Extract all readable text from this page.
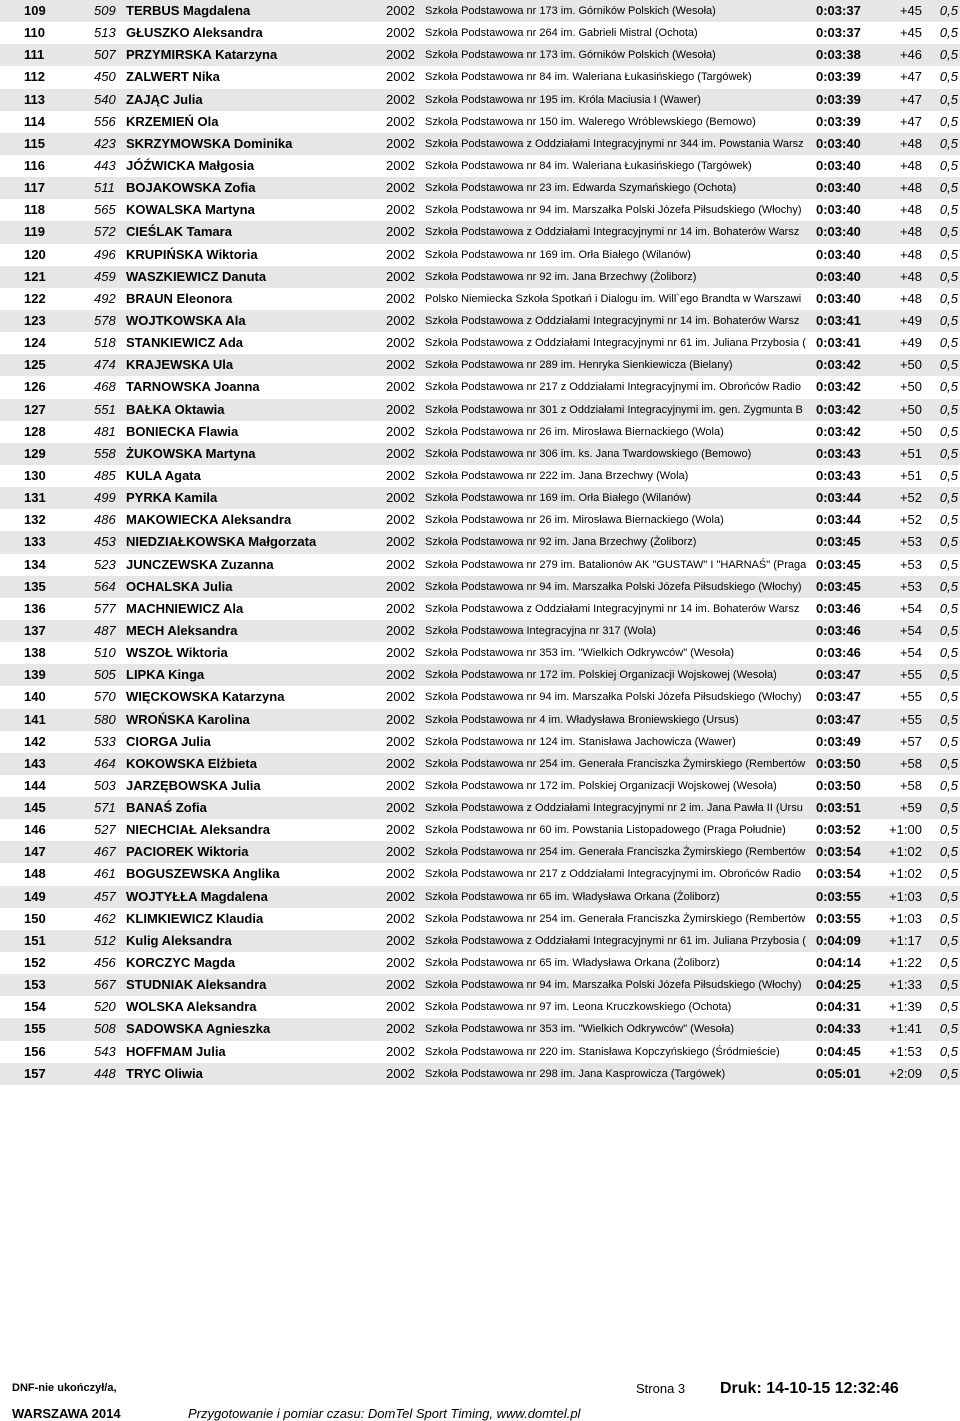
109	509 TERBUS Magdalena	2002 Szkoła Podstawowa nr 173 im. Górników Polskich (Wesoła)	0:03:37	+45	0,5
110	513 GŁUSZKO Aleksandra	2002 Szkoła Podstawowa nr 264 im. Gabrieli Mistral (Ochota)	0:03:37	+45	0,5
111	507 PRZYMIRSKA Katarzyna	2002 Szkoła Podstawowa nr 173 im. Górników Polskich (Wesoła)	0:03:38	+46	0,5
112	450 ZALWERT Nika	2002 Szkoła Podstawowa nr 84 im. Waleriana Łukasińskiego (Targówek)	0:03:39	+47	0,5
113	540 ZAJĄC Julia	2002 Szkoła Podstawowa nr 195 im. Króla Maciusia I (Wawer)	0:03:39	+47	0,5
114	556 KRZEMIEŃ Ola	2002 Szkoła Podstawowa nr 150 im. Walerego Wróblewskiego (Bemowo)	0:03:39	+47	0,5
115	423 SKRZYMOWSKA Dominika	2002 Szkoła Podstawowa z Oddziałami Integracyjnymi nr 344 im. Powstania Warsz 0:03:40	+48	0,5
116	443 JÓŹWICKA Małgosia	2002 Szkoła Podstawowa nr 84 im. Waleriana Łukasińskiego (Targówek)	0:03:40	+48	0,5
117	511 BOJAKOWSKA Zofia	2002 Szkoła Podstawowa nr 23 im. Edwarda Szymańskiego (Ochota)	0:03:40	+48	0,5
118	565 KOWALSKA Martyna	2002 Szkoła Podstawowa nr 94 im. Marszałka Polski Józefa Piłsudskiego (Włochy)	0:03:40	+48	0,5
119	572 CIEŚLAK Tamara	2002 Szkoła Podstawowa z Oddziałami Integracyjnymi nr 14 im. Bohaterów Warsz	0:03:40	+48	0,5
120	496 KRUPIŃSKA Wiktoria	2002 Szkoła Podstawowa nr 169 im. Orła Białego (Wilanów)	0:03:40	+48	0,5
121	459 WASZKIEWICZ Danuta	2002 Szkoła Podstawowa nr 92 im. Jana Brzechwy (Żoliborz)	0:03:40	+48	0,5
122	492 BRAUN Eleonora	2002 Polsko Niemiecka Szkoła Spotkań i Dialogu im. Will`ego Brandta w Warszawi	0:03:40	+48	0,5
123	578 WOJTKOWSKA Ala	2002 Szkoła Podstawowa z Oddziałami Integracyjnymi nr 14 im. Bohaterów Warsz	0:03:41	+49	0,5
124	518 STANKIEWICZ Ada	2002 Szkoła Podstawowa z Oddziałami Integracyjnymi nr 61 im. Juliana Przybosia ( 0:03:41	+49	0,5
125	474 KRAJEWSKA Ula	2002 Szkoła Podstawowa nr 289 im. Henryka Sienkiewicza (Bielany)	0:03:42	+50	0,5
126	468 TARNOWSKA Joanna	2002 Szkoła Podstawowa nr 217 z Oddziałami Integracyjnymi im. Obrońców Radio	0:03:42	+50	0,5
127	551 BAŁKA Oktawia	2002 Szkoła Podstawowa nr 301 z Oddziałami Integracyjnymi im. gen. Zygmunta B	0:03:42	+50	0,5
128	481 BONIECKA Flawia	2002 Szkoła Podstawowa nr 26 im. Mirosława Biernackiego (Wola)	0:03:42	+50	0,5
129	558 ŻUKOWSKA Martyna	2002 Szkoła Podstawowa nr 306 im. ks. Jana Twardowskiego (Bemowo)	0:03:43	+51	0,5
130	485 KULA Agata	2002 Szkoła Podstawowa nr 222 im. Jana Brzechwy (Wola)	0:03:43	+51	0,5
131	499 PYRKA Kamila	2002 Szkoła Podstawowa nr 169 im. Orła Białego (Wilanów)	0:03:44	+52	0,5
132	486 MAKOWIECKA Aleksandra	2002 Szkoła Podstawowa nr 26 im. Mirosława Biernackiego (Wola)	0:03:44	+52	0,5
133	453 NIEDZIAŁKOWSKA Małgorzata	2002 Szkoła Podstawowa nr 92 im. Jana Brzechwy (Żoliborz)	0:03:45	+53	0,5
134	523 JUNCZEWSKA Zuzanna	2002 Szkoła Podstawowa nr 279 im. Batalionów AK "GUSTAW" I "HARNAŚ" (Praga 0:03:45	+53	0,5
135	564 OCHALSKA Julia	2002 Szkoła Podstawowa nr 94 im. Marszałka Polski Józefa Piłsudskiego (Włochy)	0:03:45	+53	0,5
136	577 MACHNIEWICZ Ala	2002 Szkoła Podstawowa z Oddziałami Integracyjnymi nr 14 im. Bohaterów Warsz	0:03:46	+54	0,5
137	487 MECH Aleksandra	2002 Szkoła Podstawowa Integracyjna nr 317 (Wola)	0:03:46	+54	0,5
138	510 WSZOŁ Wiktoria	2002 Szkoła Podstawowa nr 353 im. "Wielkich Odkrywców" (Wesoła)	0:03:46	+54	0,5
139	505 LIPKA Kinga	2002 Szkoła Podstawowa nr 172 im. Polskiej Organizacji Wojskowej (Wesoła)	0:03:47	+55	0,5
140	570 WIĘCKOWSKA Katarzyna	2002 Szkoła Podstawowa nr 94 im. Marszałka Polski Józefa Piłsudskiego (Włochy)	0:03:47	+55	0,5
141	580 WROŃSKA Karolina	2002 Szkoła Podstawowa nr 4 im. Władysława Broniewskiego (Ursus)	0:03:47	+55	0,5
142	533 CIORGA Julia	2002 Szkoła Podstawowa nr 124 im. Stanisława Jachowicza (Wawer)	0:03:49	+57	0,5
143	464 KOKOWSKA Elżbieta	2002 Szkoła Podstawowa nr 254 im. Generała Franciszka Żymirskiego (Rembertów 0:03:50	+58	0,5
144	503 JARZĘBOWSKA Julia	2002 Szkoła Podstawowa nr 172 im. Polskiej Organizacji Wojskowej (Wesoła)	0:03:50	+58	0,5
145	571 BANAŚ Zofia	2002 Szkoła Podstawowa z Oddziałami Integracyjnymi nr 2 im. Jana Pawła II (Ursu	0:03:51	+59	0,5
146	527 NIECHCIAŁ Aleksandra	2002 Szkoła Podstawowa nr 60 im. Powstania Listopadowego (Praga Południe)	0:03:52	+1:00	0,5
147	467 PACIOREK Wiktoria	2002 Szkoła Podstawowa nr 254 im. Generała Franciszka Żymirskiego (Rembertów 0:03:54	+1:02	0,5
148	461 BOGUSZEWSKA Anglika	2002 Szkoła Podstawowa nr 217 z Oddziałami Integracyjnymi im. Obrońców Radio	0:03:54	+1:02	0,5
149	457 WOJTYŁŁA Magdalena	2002 Szkoła Podstawowa nr 65 im. Władysława Orkana (Żoliborz)	0:03:55	+1:03	0,5
150	462 KLIMKIEWICZ Klaudia	2002 Szkoła Podstawowa nr 254 im. Generała Franciszka Żymirskiego (Rembertów 0:03:55	+1:03	0,5
151	512 Kulig Aleksandra	2002 Szkoła Podstawowa z Oddziałami Integracyjnymi nr 61 im. Juliana Przybosia ( 0:04:09	+1:17	0,5
152	456 KORCZYC Magda	2002 Szkoła Podstawowa nr 65 im. Władysława Orkana (Żoliborz)	0:04:14	+1:22	0,5
153	567 STUDNIAK Aleksandra	2002 Szkoła Podstawowa nr 94 im. Marszałka Polski Józefa Piłsudskiego (Włochy)	0:04:25	+1:33	0,5
154	520 WOLSKA Aleksandra	2002 Szkoła Podstawowa nr 97 im. Leona Kruczkowskiego (Ochota)	0:04:31	+1:39	0,5
155	508 SADOWSKA Agnieszka	2002 Szkoła Podstawowa nr 353 im. "Wielkich Odkrywców" (Wesoła)	0:04:33	+1:41	0,5
156	543 HOFFMAM Julia	2002 Szkoła Podstawowa nr 220 im. Stanisława Kopczyńskiego (Śródmieście)	0:04:45	+1:53	0,5
157	448 TRYC Oliwia	2002 Szkoła Podstawowa nr 298 im. Jana Kasprowicza (Targówek)	0:05:01	+2:09	0,5
DNF-nie ukończył/a,
WARSZAWA 2014
Strona 3 Druk: 14-10-15 12:32:46
Przygotowanie i pomiar czasu: DomTel Sport Timing, www.domtel.pl
